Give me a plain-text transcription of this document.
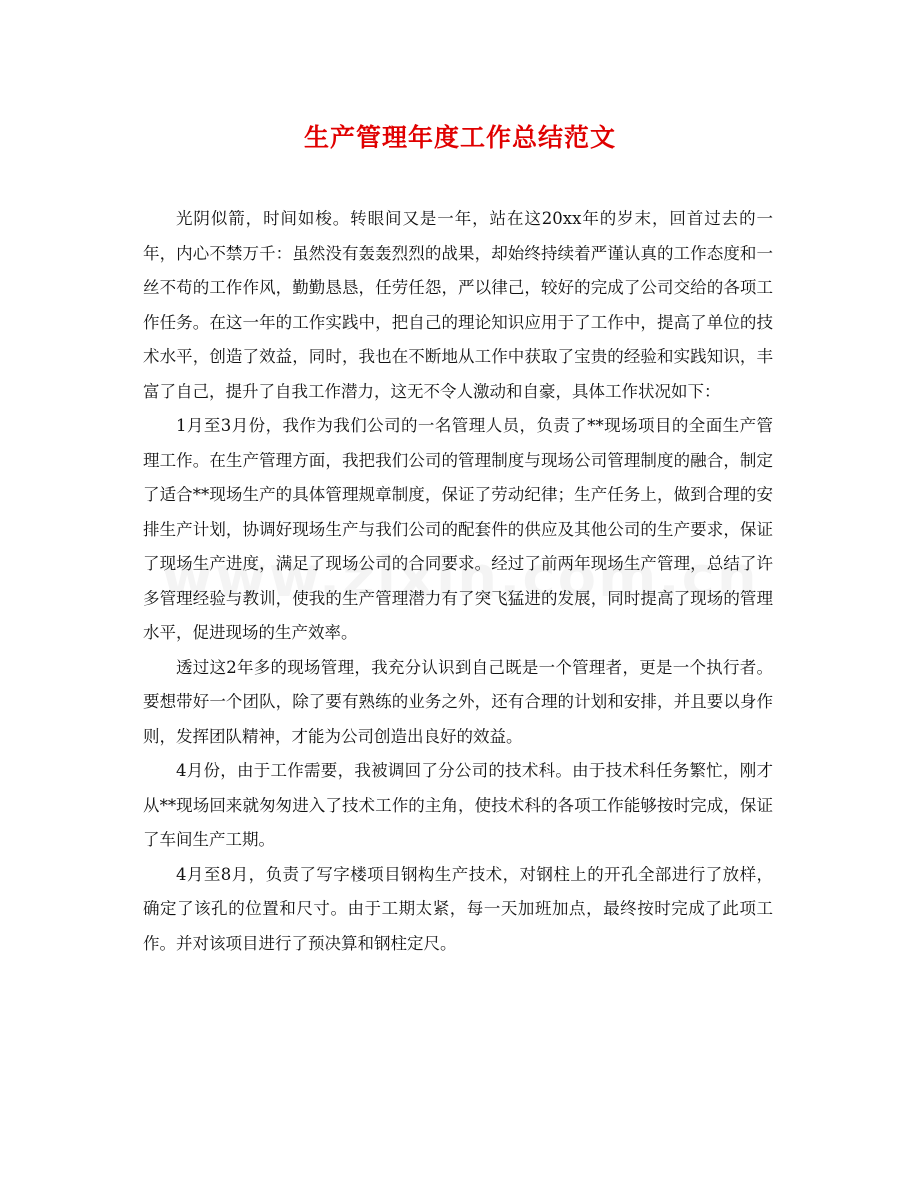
生产管理年度工作总结范文

光阴似箭，时间如梭。转眼间又是一年，站在这20xx年的岁末，回首过去的一年，内心不禁万千：虽然没有轰轰烈烈的战果，却始终持续着严谨认真的工作态度和一丝不苟的工作作风，勤勤恳恳，任劳任怨，严以律己，较好的完成了公司交给的各项工作任务。在这一年的工作实践中，把自己的理论知识应用于了工作中，提高了单位的技术水平，创造了效益，同时，我也在不断地从工作中获取了宝贵的经验和实践知识，丰富了自己，提升了自我工作潜力，这无不令人激动和自豪，具体工作状况如下：

1月至3月份，我作为我们公司的一名管理人员，负责了**现场项目的全面生产管理工作。在生产管理方面，我把我们公司的管理制度与现场公司管理制度的融合，制定了适合**现场生产的具体管理规章制度，保证了劳动纪律；生产任务上，做到合理的安排生产计划，协调好现场生产与我们公司的配套件的供应及其他公司的生产要求，保证了现场生产进度，满足了现场公司的合同要求。经过了前两年现场生产管理，总结了许多管理经验与教训，使我的生产管理潜力有了突飞猛进的发展，同时提高了现场的管理水平，促进现场的生产效率。

透过这2年多的现场管理，我充分认识到自己既是一个管理者，更是一个执行者。要想带好一个团队，除了要有熟练的业务之外，还有合理的计划和安排，并且要以身作则，发挥团队精神，才能为公司创造出良好的效益。

4月份，由于工作需要，我被调回了分公司的技术科。由于技术科任务繁忙，刚才从**现场回来就匆匆进入了技术工作的主角，使技术科的各项工作能够按时完成，保证了车间生产工期。

4月至8月，负责了写字楼项目钢构生产技术，对钢柱上的开孔全部进行了放样，确定了该孔的位置和尺寸。由于工期太紧，每一天加班加点，最终按时完成了此项工作。并对该项目进行了预决算和钢柱定尺。
